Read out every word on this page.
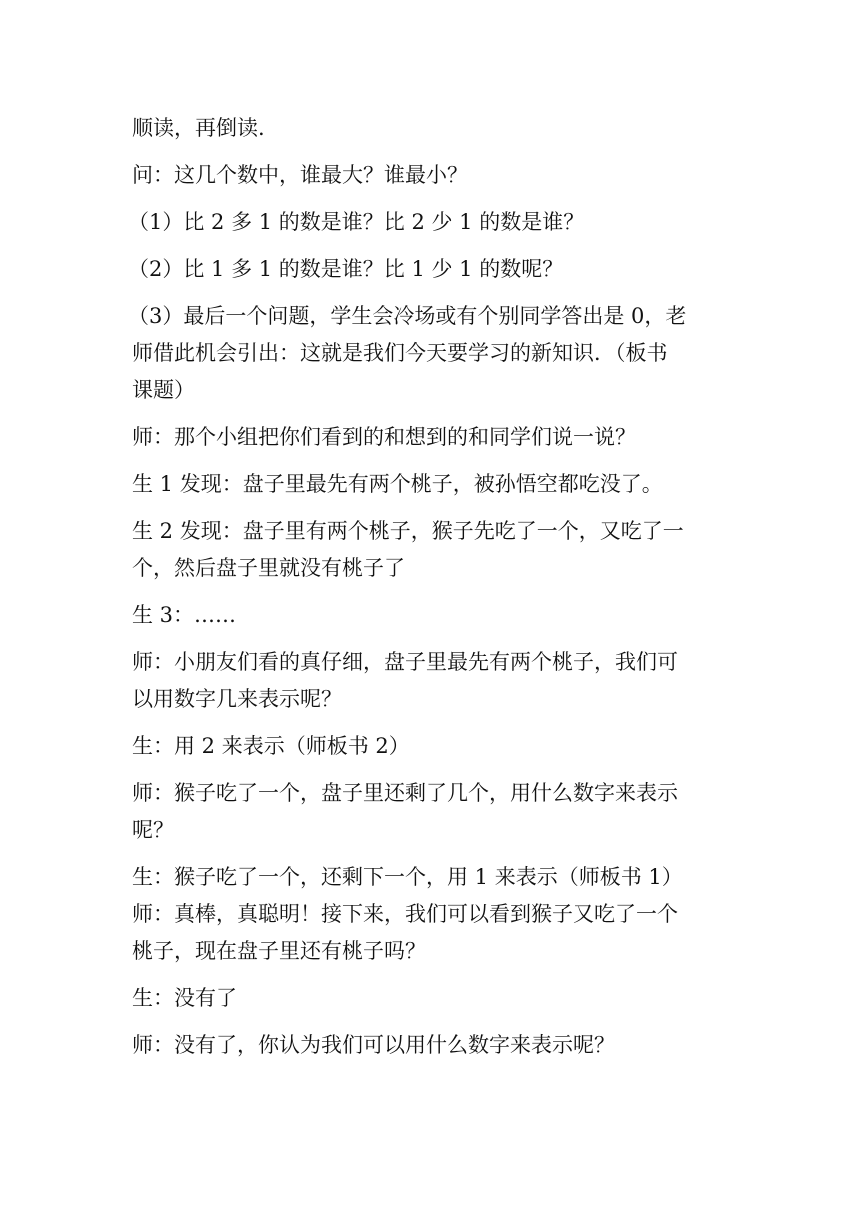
顺读，再倒读.

问：这几个数中，谁最大？谁最小？

（1）比 2 多 1 的数是谁？比 2 少 1 的数是谁？

（2）比 1 多 1 的数是谁？比 1 少 1 的数呢？

（3）最后一个问题，学生会冷场或有个别同学答出是 0，老
师借此机会引出：这就是我们今天要学习的新知识．（板书
课题）

师：那个小组把你们看到的和想到的和同学们说一说？

生 1 发现：盘子里最先有两个桃子，被孙悟空都吃没了。

生 2 发现：盘子里有两个桃子，猴子先吃了一个，又吃了一
个，然后盘子里就没有桃子了

生 3：……

师：小朋友们看的真仔细，盘子里最先有两个桃子，我们可
以用数字几来表示呢？

生：用 2 来表示（师板书 2）

师：猴子吃了一个，盘子里还剩了几个，用什么数字来表示
呢？

生：猴子吃了一个，还剩下一个，用 1 来表示（师板书 1）

师：真棒，真聪明！接下来，我们可以看到猴子又吃了一个
桃子，现在盘子里还有桃子吗？

生：没有了

师：没有了，你认为我们可以用什么数字来表示呢？
